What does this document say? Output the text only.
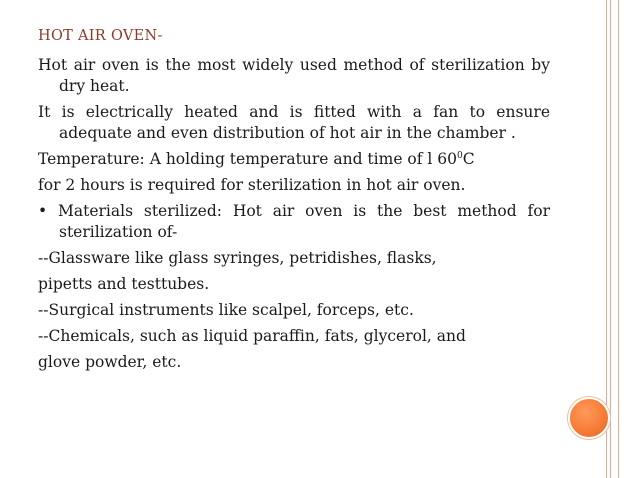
HOT AIR OVEN-

Hot air oven is the most widely used method of sterilization by dry heat.

It is electrically heated and is fitted with a fan to ensure adequate and even distribution of hot air in the chamber .

Temperature: A holding temperature and time of l $60^0C$

for 2 hours is required for sterilization in hot air oven.

• Materials sterilized: Hot air oven is the best method for sterilization of-

--Glassware like glass syringes, petridishes, flasks,

pipetts and testtubes.

--Surgical instruments like scalpel, forceps, etc.

--Chemicals, such as liquid paraffin, fats, glycerol, and

glove powder, etc.
